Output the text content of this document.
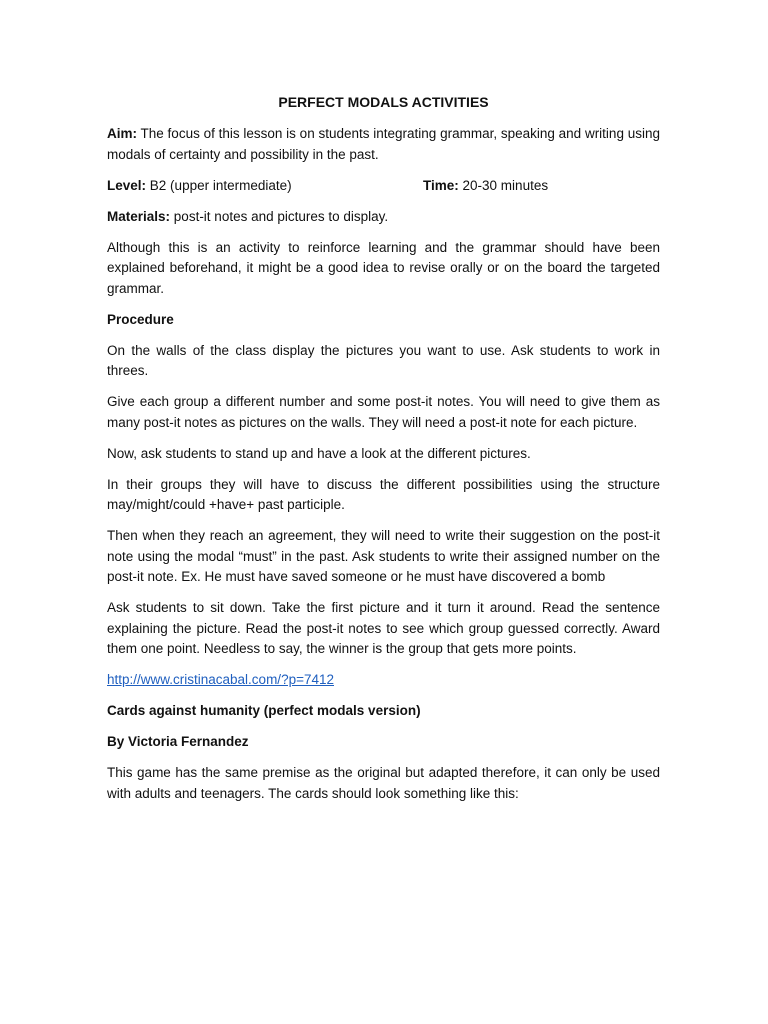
PERFECT MODALS ACTIVITIES

Aim: The focus of this lesson is on students integrating grammar, speaking and writing using modals of certainty and possibility in the past.

Level: B2 (upper intermediate)	Time: 20-30 minutes

Materials: post-it notes and pictures to display.

Although this is an activity to reinforce learning and the grammar should have been explained beforehand, it might be a good idea to revise orally or on the board the targeted grammar.

Procedure

On the walls of the class display the pictures you want to use. Ask students to work in threes.

Give each group a different number and some post-it notes. You will need to give them as many post-it notes as pictures on the walls. They will need a post-it note for each picture.

Now, ask students to stand up and have a look at the different pictures.

In their groups they will have to discuss the different possibilities using the structure may/might/could +have+ past participle.

Then when they reach an agreement, they will need to write their suggestion on the post-it note using the modal “must” in the past. Ask students to write their assigned number on the post-it note. Ex. He must have saved someone or he must have discovered a bomb

Ask students to sit down. Take the first picture and it turn it around. Read the sentence explaining the picture. Read the post-it notes to see which group guessed correctly. Award them one point. Needless to say, the winner is the group that gets more points.

http://www.cristinacabal.com/?p=7412

Cards against humanity (perfect modals version)

By Victoria Fernandez

This game has the same premise as the original but adapted therefore, it can only be used with adults and teenagers. The cards should look something like this:
